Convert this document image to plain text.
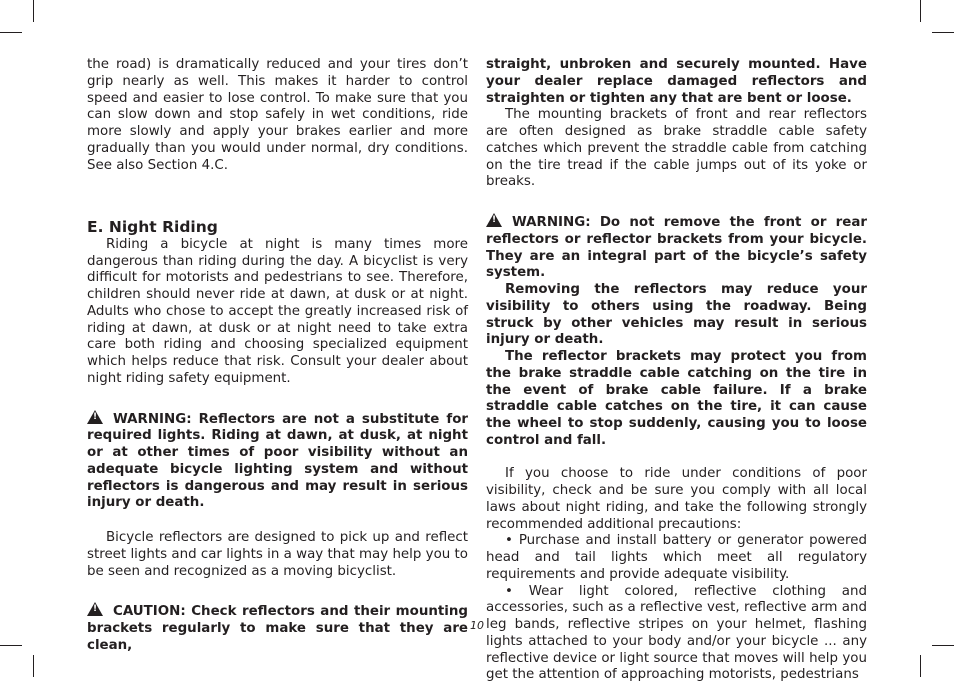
the road) is dramatically reduced and your tires don’t grip nearly as well. This makes it harder to control speed and easier to lose control. To make sure that you can slow down and stop safely in wet conditions, ride more slowly and apply your brakes earlier and more gradually than you would under normal, dry conditions. See also Section 4.C.

E. Night Riding

Riding a bicycle at night is many times more dangerous than riding during the day. A bicyclist is very difficult for motorists and pedestrians to see. Therefore, children should never ride at dawn, at dusk or at night. Adults who chose to accept the greatly increased risk of riding at dawn, at dusk or at night need to take extra care both riding and choosing specialized equipment which helps reduce that risk. Consult your dealer about night riding safety equipment.

!WARNING: Reflectors are not a substitute for required lights. Riding at dawn, at dusk, at night or at other times of poor visibility without an adequate bicycle lighting system and without reflectors is dangerous and may result in serious injury or death.

Bicycle reflectors are designed to pick up and reflect street lights and car lights in a way that may help you to be seen and recognized as a moving bicyclist.

!CAUTION: Check reflectors and their mounting brackets regularly to make sure that they are clean,

straight, unbroken and securely mounted. Have your dealer replace damaged reflectors and straighten or tighten any that are bent or loose.

The mounting brackets of front and rear reflectors are often designed as brake straddle cable safety catches which prevent the straddle cable from catching on the tire tread if the cable jumps out of its yoke or breaks.

!WARNING: Do not remove the front or rear reflectors or reflector brackets from your bicycle. They are an integral part of the bicycle’s safety system.

Removing the reflectors may reduce your visibility to others using the roadway. Being struck by other vehicles may result in serious injury or death.

The reflector brackets may protect you from the brake straddle cable catching on the tire in the event of brake cable failure. If a brake straddle cable catches on the tire, it can cause the wheel to stop suddenly, causing you to loose control and fall.

If you choose to ride under conditions of poor visibility, check and be sure you comply with all local laws about night riding, and take the following strongly recommended additional precautions:

• Purchase and install battery or generator powered head and tail lights which meet all regulatory requirements and provide adequate visibility.

• Wear light colored, reflective clothing and accessories, such as a reflective vest, reflective arm and leg bands, reflective stripes on your helmet, flashing lights attached to your body and/or your bicycle ... any reflective device or light source that moves will help you get the attention of approaching motorists, pedestrians

10
